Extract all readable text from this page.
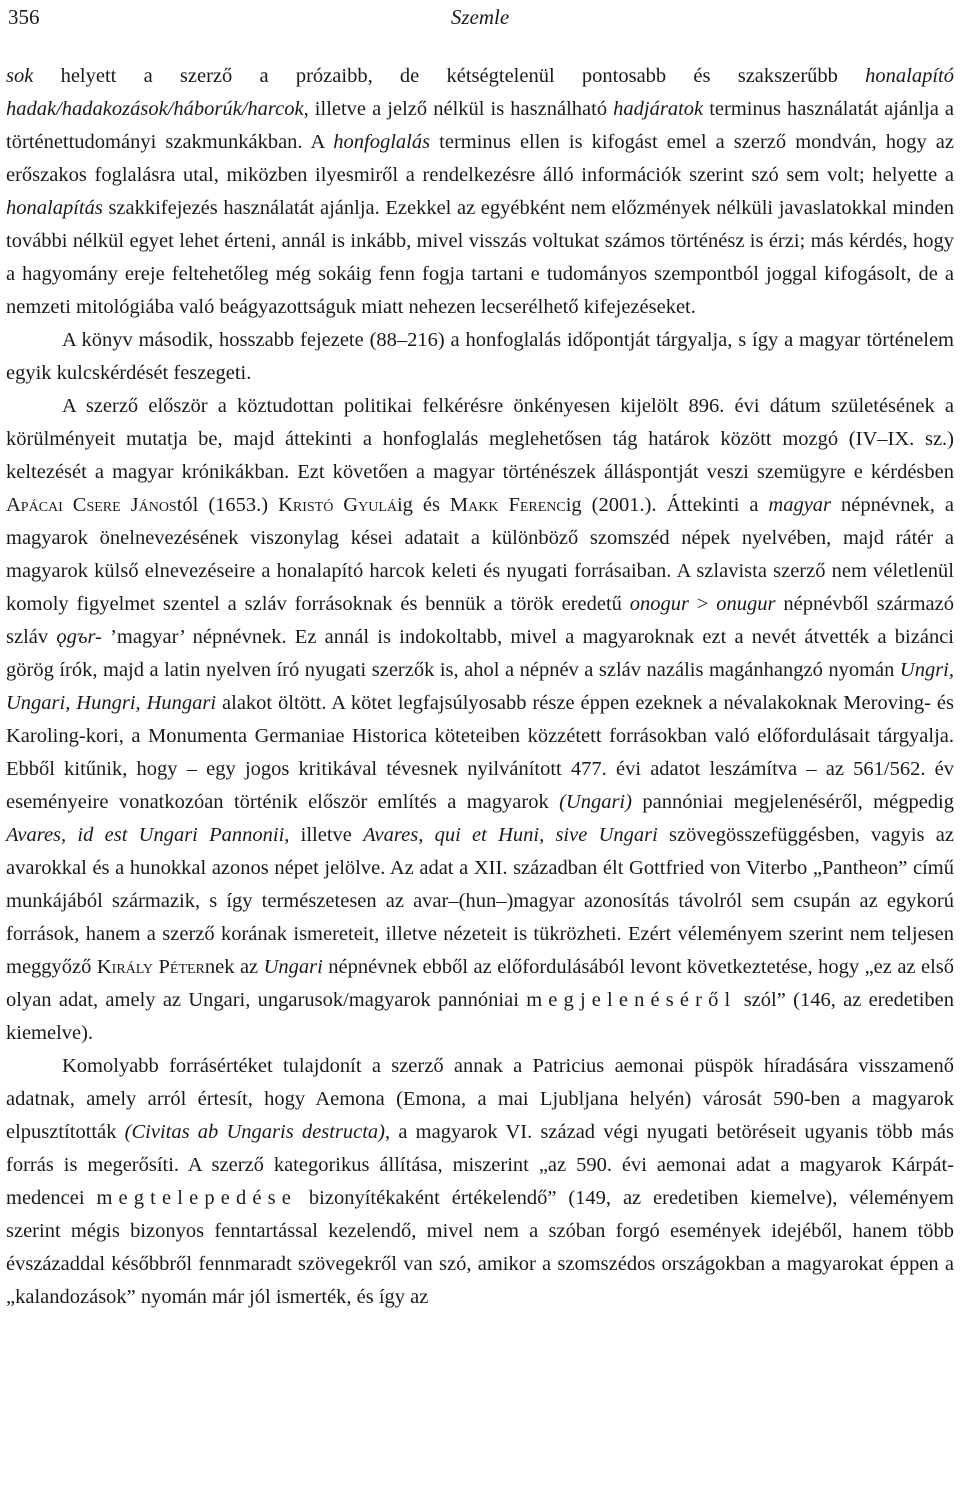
356	Szemle

sok helyett a szerző a prózaibb, de kétségtelenül pontosabb és szakszerűbb honalapító hadak/hadakozások/háborúk/harcok, illetve a jelző nélkül is használható hadjáratok terminus használatát ajánlja a történettudományi szakmunkákban. A honfoglalás terminus ellen is kifogást emel a szerző mondván, hogy az erőszakos foglalásra utal, miközben ilyesmiről a rendelkezésre álló információk szerint szó sem volt; helyette a honalapítás szakkifejezés használatát ajánlja. Ezekkel az egyébként nem előzmények nélküli javaslatokkal minden további nélkül egyet lehet érteni, annál is inkább, mivel visszás voltukat számos történész is érzi; más kérdés, hogy a hagyomány ereje feltehetőleg még sokáig fenn fogja tartani e tudományos szempontból joggal kifogásolt, de a nemzeti mitológiába való beágyazottságuk miatt nehezen lecserélhető kifejezéseket.

A könyv második, hosszabb fejezete (88–216) a honfoglalás időpontját tárgyalja, s így a magyar történelem egyik kulcskérdését feszegeti.

A szerző először a köztudottan politikai felkérésre önkényesen kijelölt 896. évi dátum születésének a körülményeit mutatja be, majd áttekinti a honfoglalás meglehetősen tág határok között mozgó (IV–IX. sz.) keltezését a magyar krónikákban. Ezt követően a magyar történészek álláspontját veszi szemügyre e kérdésben Apácai Csere Jánostól (1653.) Kristó Gyuláig és Makk Ferencig (2001.). Áttekinti a magyar népnévnek, a magyarok önelnevezésének viszonylag kései adatait a különböző szomszéd népek nyelvében, majd rátér a magyarok külső elnevezéseire a honalapító harcok keleti és nyugati forrásaiban. A szlavista szerző nem véletlenül komoly figyelmet szentel a szláv forrásoknak és bennük a török eredetű onogur > onugur népnévből származó szláv ǫgъr- ’magyar’ népnévnek. Ez annál is indokoltabb, mivel a magyaroknak ezt a nevét átvették a bizánci görög írók, majd a latin nyelven író nyugati szerzők is, ahol a népnév a szláv nazális magánhangzó nyomán Ungri, Ungari, Hungri, Hungari alakot öltött. A kötet legfajsúlyosabb része éppen ezeknek a névalakoknak Meroving- és Karoling-kori, a Monumenta Germaniae Historica köteteiben közzétett forrásokban való előfordulásait tárgyalja. Ebből kitűnik, hogy – egy jogos kritikával tévesnek nyilvánított 477. évi adatot leszámítva – az 561/562. év eseményeire vonatkozóan történik először említés a magyarok (Ungari) pannóniai megjelenéséről, mégpedig Avares, id est Ungari Pannonii, illetve Avares, qui et Huni, sive Ungari szövegösszefüggésben, vagyis az avarokkal és a hunokkal azonos népet jelölve. Az adat a XII. században élt Gottfried von Viterbo „Pantheon” című munkájából származik, s így természetesen az avar–(hun–)magyar azonosítás távolról sem csupán az egykorú források, hanem a szerző korának ismereteit, illetve nézeteit is tükrözheti. Ezért véleményem szerint nem teljesen meggyőző Király Péternek az Ungari népnévnek ebből az előfordulásából levont következtetése, hogy „ez az első olyan adat, amely az Ungari, ungarusok/magyarok pannóniai megjelenéséről szól” (146, az eredetiben kiemelve).

Komolyabb forrásértéket tulajdonít a szerző annak a Patricius aemonai püspök híradására visszamenő adatnak, amely arról értesít, hogy Aemona (Emona, a mai Ljubljana helyén) városát 590-ben a magyarok elpusztították (Civitas ab Ungaris destructa), a magyarok VI. század végi nyugati betöréseit ugyanis több más forrás is megerősíti. A szerző kategorikus állítása, miszerint „az 590. évi aemonai adat a magyarok Kárpát-medencei megtelepedése bizonyítékaként értékelendő” (149, az eredetiben kiemelve), véleményem szerint mégis bizonyos fenntartással kezelendő, mivel nem a szóban forgó események idejéből, hanem több évszázaddal későbbről fennmaradt szövegekről van szó, amikor a szomszédos országokban a magyarokat éppen a „kalandozások” nyomán már jól ismerték, és így az
